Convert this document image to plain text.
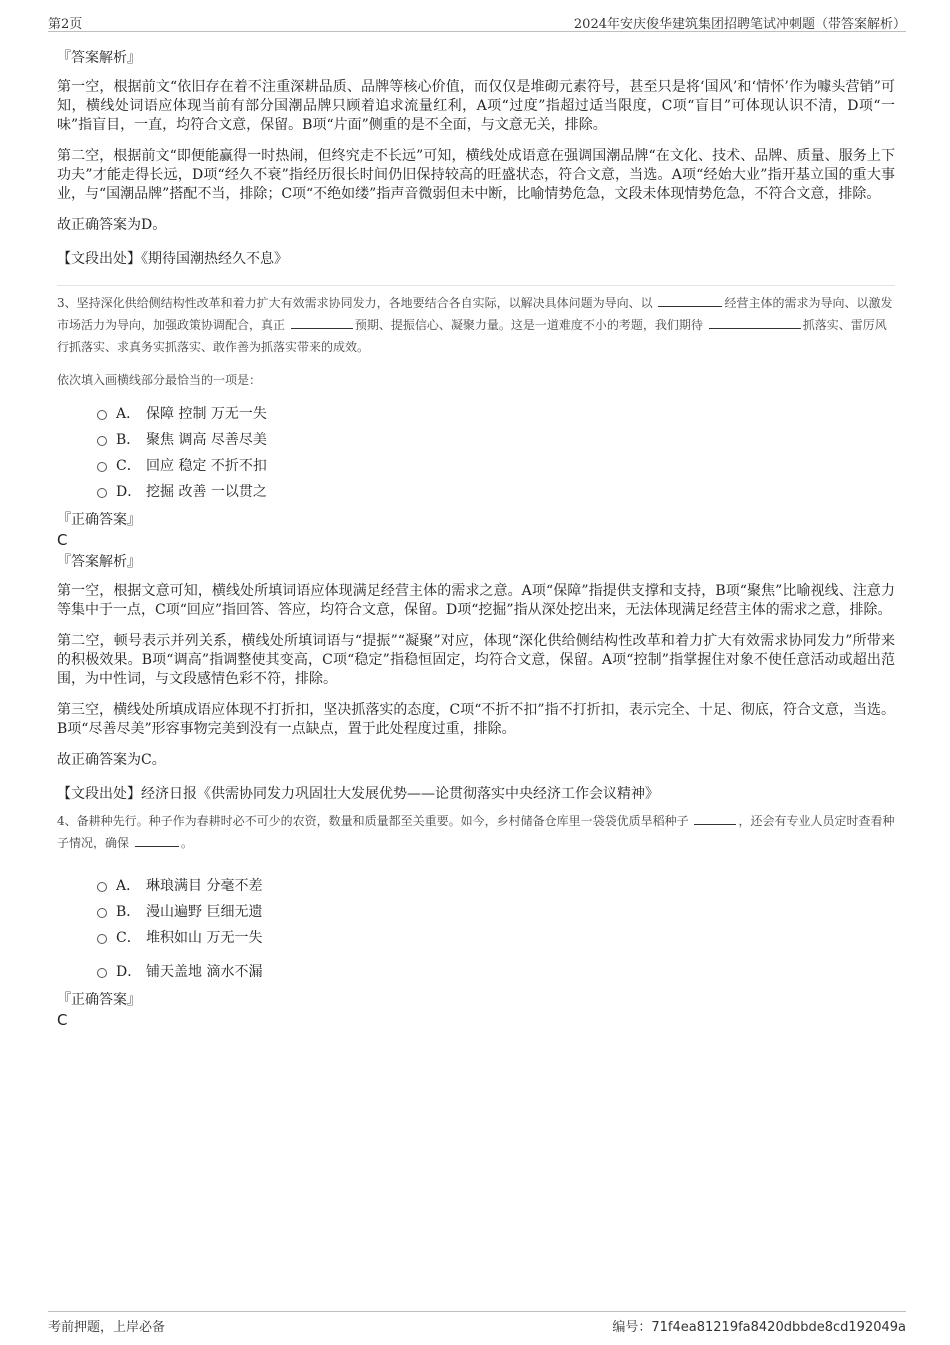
第2页	2024年安庆俊华建筑集团招聘笔试冲刺题（带答案解析）
『答案解析』

第一空，根据前文“依旧存在着不注重深耕品质、品牌等核心价值，而仅仅是堆砌元素符号，甚至只是将‘国风’和‘情怀’作为噱头营销”可知，横线处词语应体现当前有部分国潮品牌只顾着追求流量红利，A项“过度”指超过适当限度，C项“盲目”可体现认识不清，D项“一味”指盲目，一直，均符合文意，保留。B项“片面”侧重的是不全面，与文意无关，排除。

第二空，根据前文“即便能赢得一时热闹，但终究走不长远”可知，横线处成语意在强调国潮品牌“在文化、技术、品牌、质量、服务上下功夫”才能走得长远，D项“经久不衰”指经历很长时间仍旧保持较高的旺盛状态，符合文意，当选。A项“经始大业”指开基立国的重大事业，与“国潮品牌”搭配不当，排除；C项“不绝如缕”指声音微弱但未中断，比喻情势危急，文段未体现情势危急，不符合文意，排除。

故正确答案为D。

【文段出处】《期待国潮热经久不息》
3、坚持深化供给侧结构性改革和着力扩大有效需求协同发力，各地要结合各自实际，以解决具体问题为导向、以	经营主体的需求为导向、以激发市场活力为导向，加强政策协调配合，真正	预期、提振信心、凝聚力量。这是一道难度不小的考题，我们期待	抓落实、雷厉风行抓落实、求真务实抓落实、敢作善为抓落实带来的成效。
依次填入画横线部分最恰当的一项是：
A． 保障 控制 万无一失
B． 聚焦 调高 尽善尽美
C． 回应 稳定 不折不扣
D． 挖掘 改善 一以贯之
『正确答案』
C
『答案解析』

第一空，根据文意可知，横线处所填词语应体现满足经营主体的需求之意。A项“保障”指提供支撑和支持，B项“聚焦”比喻视线、注意力等集中于一点，C项“回应”指回答、答应，均符合文意，保留。D项“挖掘”指从深处挖出来，无法体现满足经营主体的需求之意，排除。

第二空，顿号表示并列关系，横线处所填词语与“提振”“凝聚”对应，体现“深化供给侧结构性改革和着力扩大有效需求协同发力”所带来的积极效果。B项“调高”指调整使其变高，C项“稳定”指稳恒固定，均符合文意，保留。A项“控制”指掌握住对象不使任意活动或超出范围，为中性词，与文段感情色彩不符，排除。

第三空，横线处所填成语应体现不打折扣，坚决抓落实的态度，C项“不折不扣”指不打折扣，表示完全、十足、彻底，符合文意，当选。B项“尽善尽美”形容事物完美到没有一点缺点，置于此处程度过重，排除。

故正确答案为C。

【文段出处】经济日报《供需协同发力巩固壮大发展优势——论贯彻落实中央经济工作会议精神》
4、备耕种先行。种子作为春耕时必不可少的农资，数量和质量都至关重要。如今，乡村储备仓库里一袋袋优质旱稻种子	，还会有专业人员定时查看种子情况，确保	。
A． 琳琅满目 分毫不差
B． 漫山遍野 巨细无遗
C． 堆积如山 万无一失
D． 铺天盖地 滴水不漏
『正确答案』
C
考前押题，上岸必备	编号：71f4ea81219fa8420dbbde8cd192049a
